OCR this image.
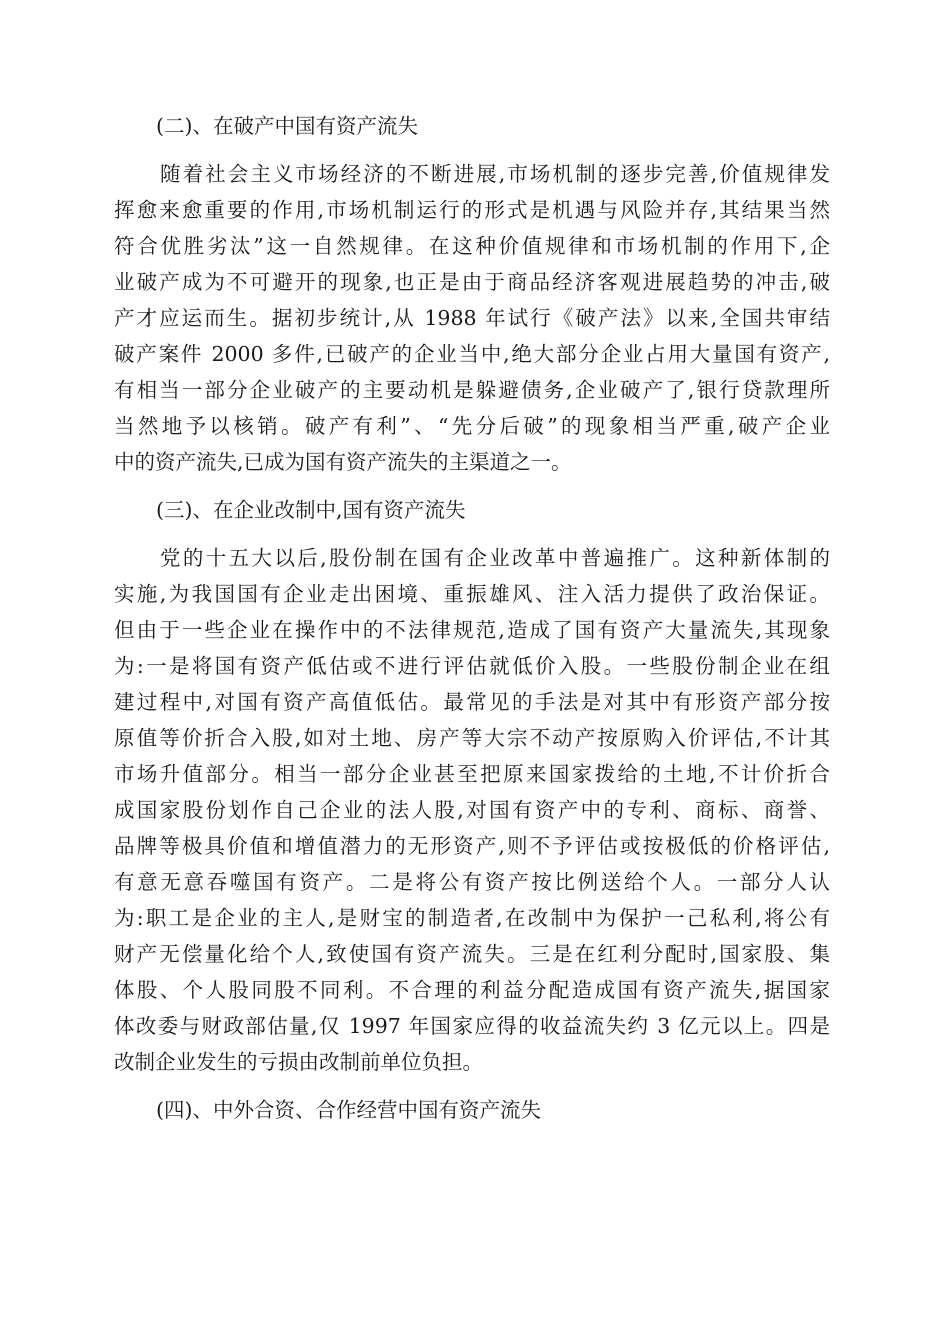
(二)、在破产中国有资产流失
随着社会主义市场经济的不断进展,市场机制的逐步完善,价值规律发
挥愈来愈重要的作用,市场机制运行的形式是机遇与风险并存,其结果当然
符合优胜劣汰”这一自然规律。在这种价值规律和市场机制的作用下,企
业破产成为不可避开的现象,也正是由于商品经济客观进展趋势的冲击,破
产才应运而生。据初步统计,从 1988 年试行《破产法》以来,全国共审结
破产案件 2000 多件,已破产的企业当中,绝大部分企业占用大量国有资产,
有相当一部分企业破产的主要动机是躲避债务,企业破产了,银行贷款理所
当然地予以核销。破产有利”、“先分后破”的现象相当严重,破产企业
中的资产流失,已成为国有资产流失的主渠道之一。
(三)、在企业改制中,国有资产流失
党的十五大以后,股份制在国有企业改革中普遍推广。这种新体制的
实施,为我国国有企业走出困境、重振雄风、注入活力提供了政治保证。
但由于一些企业在操作中的不法律规范,造成了国有资产大量流失,其现象
为:一是将国有资产低估或不进行评估就低价入股。一些股份制企业在组
建过程中,对国有资产高值低估。最常见的手法是对其中有形资产部分按
原值等价折合入股,如对土地、房产等大宗不动产按原购入价评估,不计其
市场升值部分。相当一部分企业甚至把原来国家拨给的土地,不计价折合
成国家股份划作自己企业的法人股,对国有资产中的专利、商标、商誉、
品牌等极具价值和增值潜力的无形资产,则不予评估或按极低的价格评估,
有意无意吞噬国有资产。二是将公有资产按比例送给个人。一部分人认
为:职工是企业的主人,是财宝的制造者,在改制中为保护一己私利,将公有
财产无偿量化给个人,致使国有资产流失。三是在红利分配时,国家股、集
体股、个人股同股不同利。不合理的利益分配造成国有资产流失,据国家
体改委与财政部估量,仅 1997 年国家应得的收益流失约 3 亿元以上。四是
改制企业发生的亏损由改制前单位负担。
(四)、中外合资、合作经营中国有资产流失
